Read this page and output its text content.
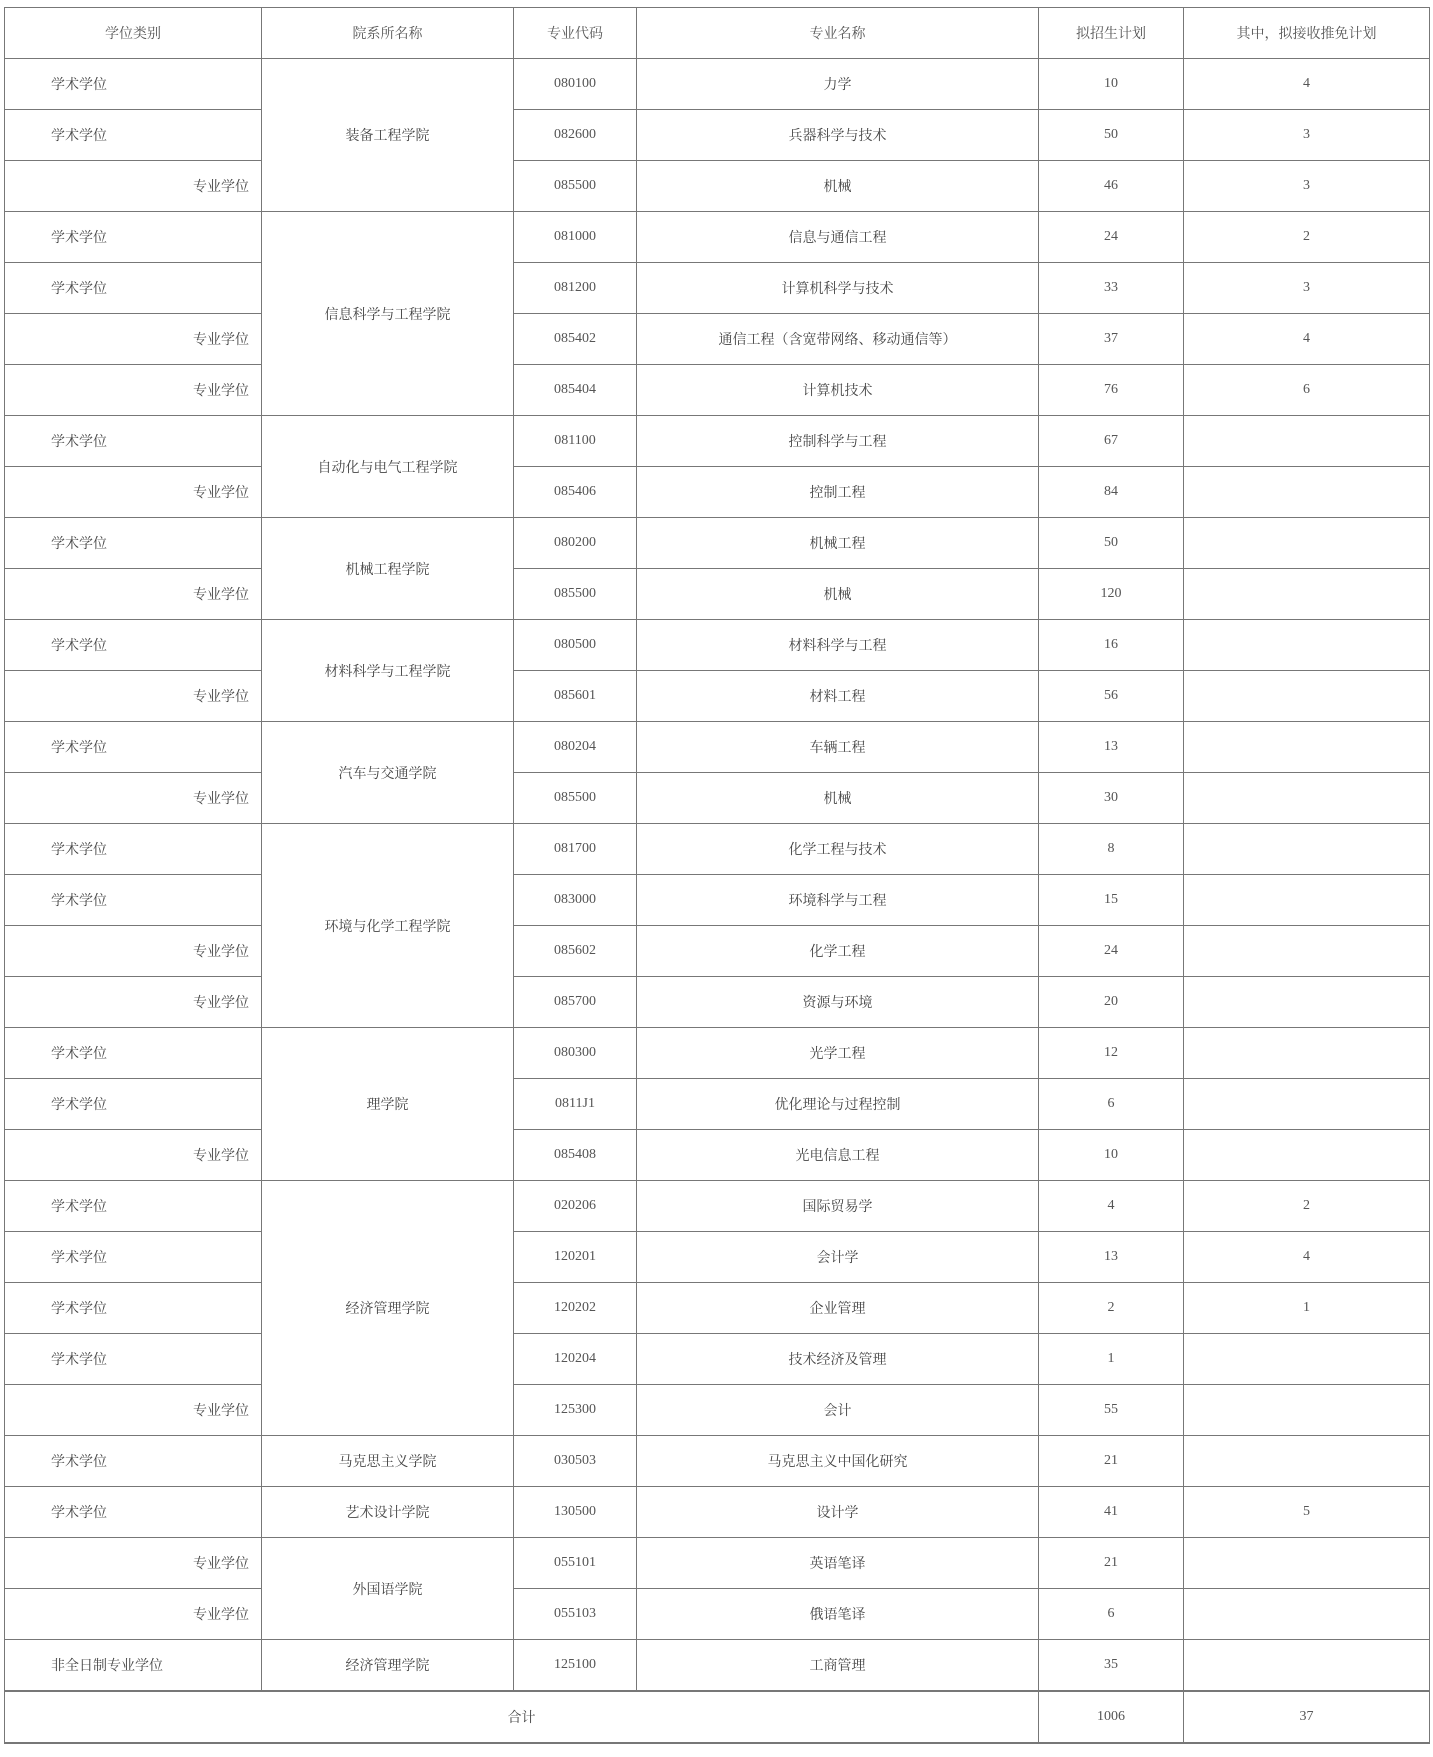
学位类别	院系所名称	专业代码	专业名称	拟招生计划	其中，拟接收推免计划
学术学位	装备工程学院	080100	力学	10	4
学术学位		082600	兵器科学与技术	50	3
专业学位		085500	机械	46	3
学术学位	信息科学与工程学院	081000	信息与通信工程	24	2
学术学位		081200	计算机科学与技术	33	3
专业学位		085402	通信工程（含宽带网络、移动通信等）	37	4
专业学位		085404	计算机技术	76	6
学术学位	自动化与电气工程学院	081100	控制科学与工程	67	
专业学位		085406	控制工程	84	
学术学位	机械工程学院	080200	机械工程	50	
专业学位		085500	机械	120	
学术学位	材料科学与工程学院	080500	材料科学与工程	16	
专业学位		085601	材料工程	56	
学术学位	汽车与交通学院	080204	车辆工程	13	
专业学位		085500	机械	30	
学术学位	环境与化学工程学院	081700	化学工程与技术	8	
学术学位		083000	环境科学与工程	15	
专业学位		085602	化学工程	24	
专业学位		085700	资源与环境	20	
学术学位	理学院	080300	光学工程	12	
学术学位		0811J1	优化理论与过程控制	6	
专业学位		085408	光电信息工程	10	
学术学位	经济管理学院	020206	国际贸易学	4	2
学术学位		120201	会计学	13	4
学术学位		120202	企业管理	2	1
学术学位		120204	技术经济及管理	1	
专业学位		125300	会计	55	
学术学位	马克思主义学院	030503	马克思主义中国化研究	21	
学术学位	艺术设计学院	130500	设计学	41	5
专业学位	外国语学院	055101	英语笔译	21	
专业学位		055103	俄语笔译	6	
非全日制专业学位	经济管理学院	125100	工商管理	35	
合计				1006	37
